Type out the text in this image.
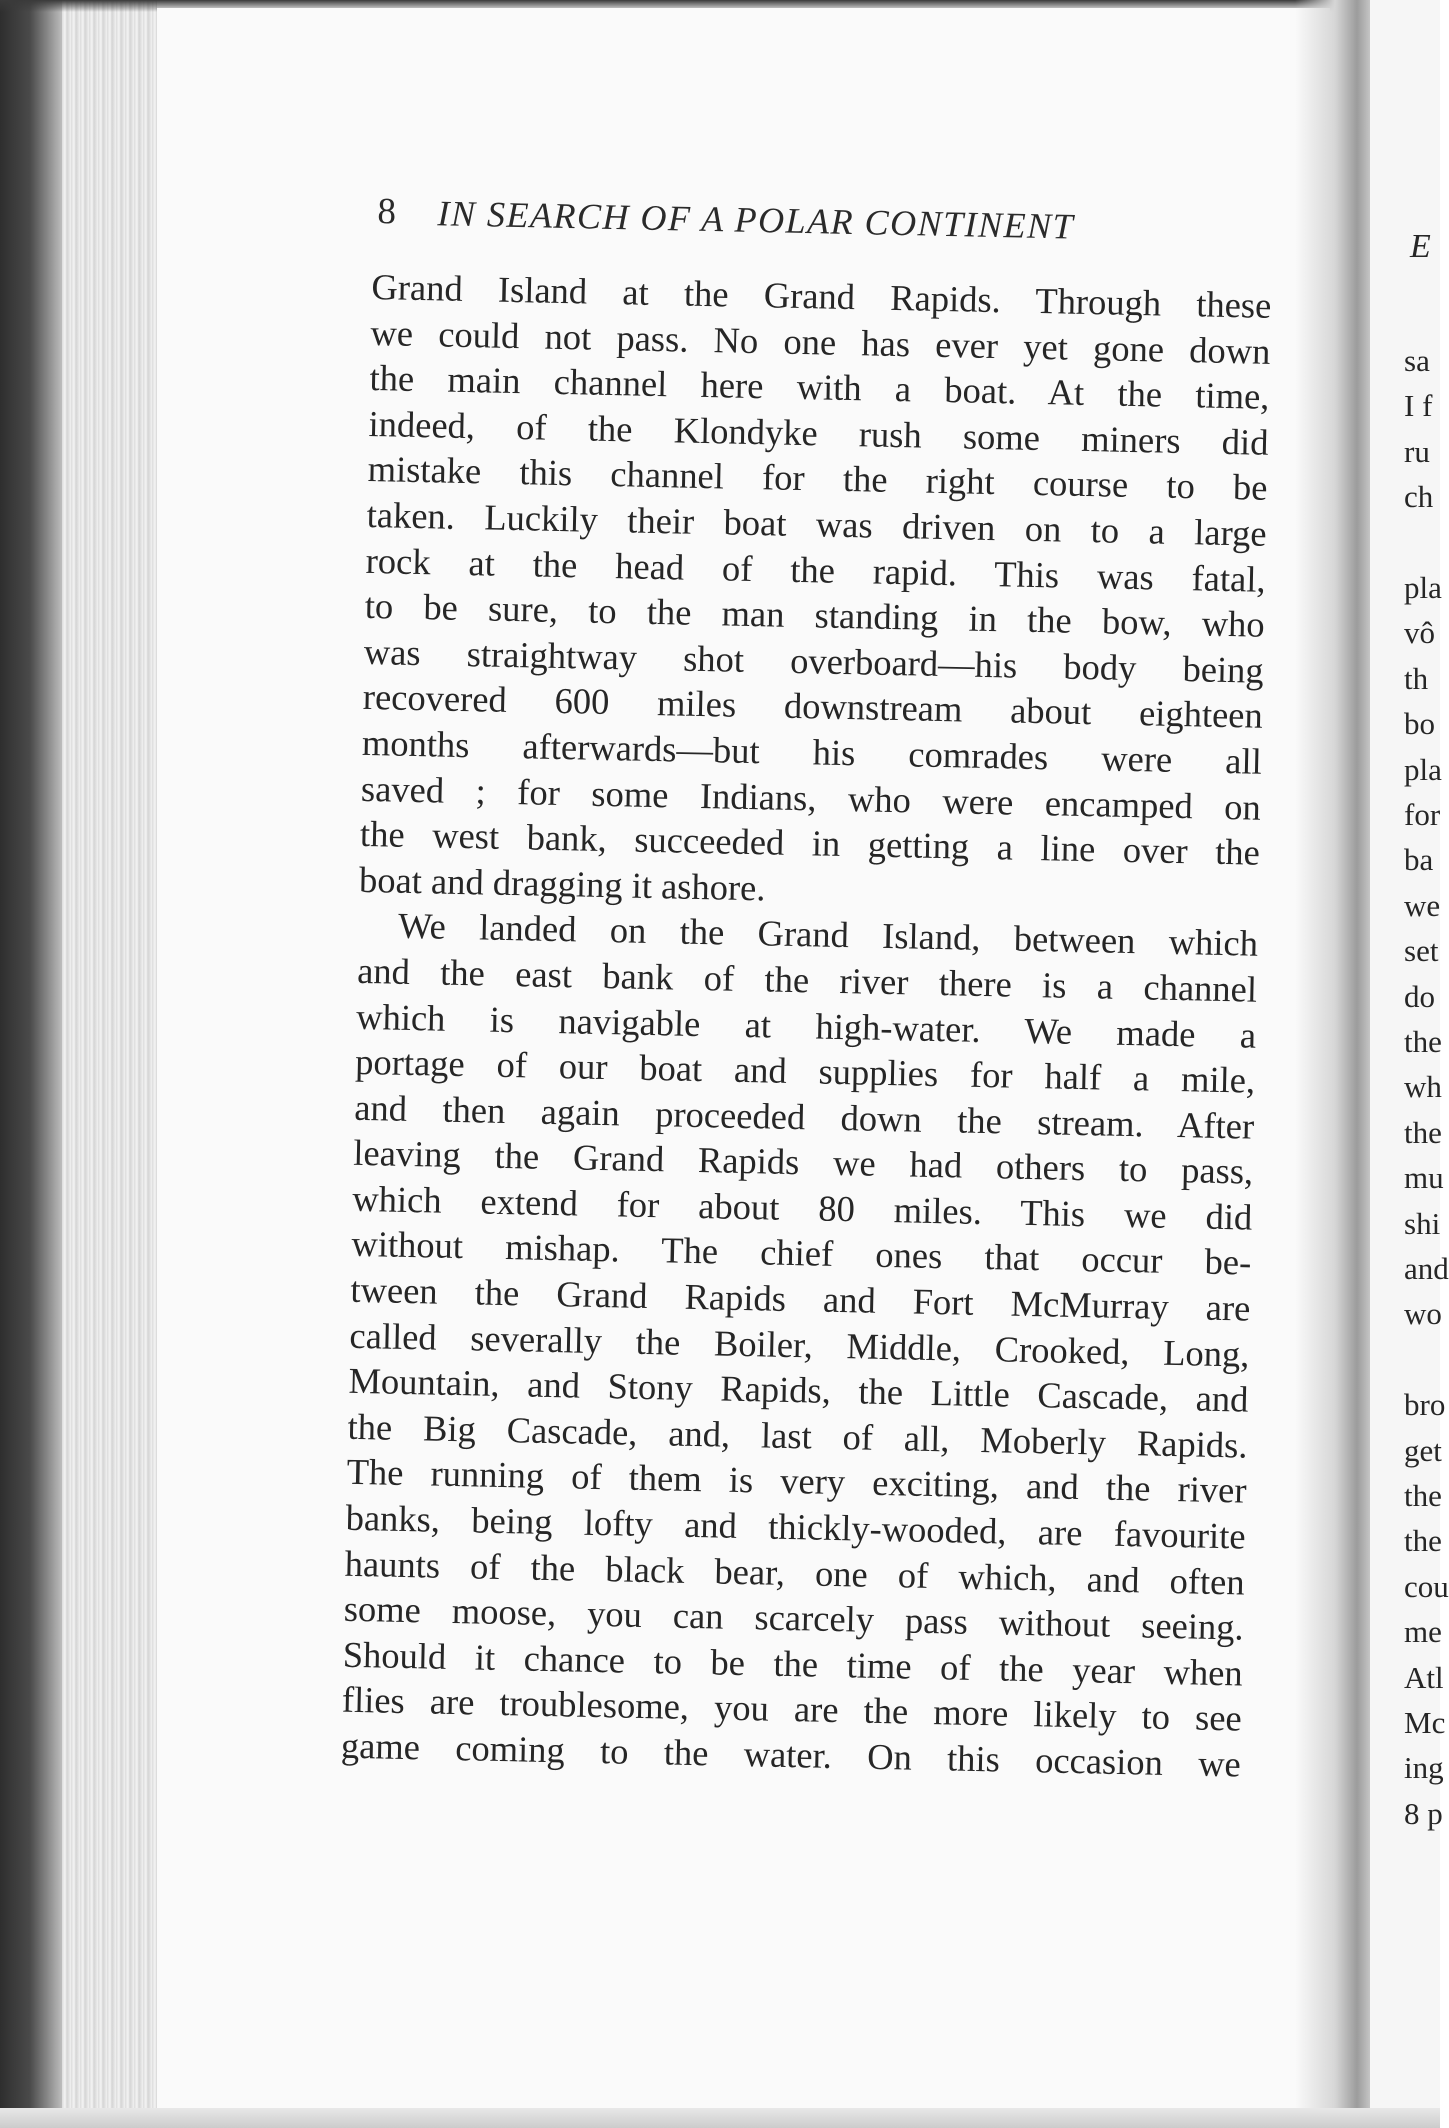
8 IN SEARCH OF A POLAR CONTINENT
Grand Island at the Grand Rapids. Through these
we could not pass. No one has ever yet gone down
the main channel here with a boat. At the time,
indeed, of the Klondyke rush some miners did
mistake this channel for the right course to be
taken. Luckily their boat was driven on to a large
rock at the head of the rapid. This was fatal,
to be sure, to the man standing in the bow, who
was straightway shot overboard—his body being
recovered 600 miles downstream about eighteen
months afterwards—but his comrades were all
saved ; for some Indians, who were encamped on
the west bank, succeeded in getting a line over the
boat and dragging it ashore.
We landed on the Grand Island, between which
and the east bank of the river there is a channel
which is navigable at high-water. We made a
portage of our boat and supplies for half a mile,
and then again proceeded down the stream. After
leaving the Grand Rapids we had others to pass,
which extend for about 80 miles. This we did
without mishap. The chief ones that occur be-
tween the Grand Rapids and Fort McMurray are
called severally the Boiler, Middle, Crooked, Long,
Mountain, and Stony Rapids, the Little Cascade, and
the Big Cascade, and, last of all, Moberly Rapids.
The running of them is very exciting, and the river
banks, being lofty and thickly-wooded, are favourite
haunts of the black bear, one of which, and often
some moose, you can scarcely pass without seeing.
Should it chance to be the time of the year when
flies are troublesome, you are the more likely to see
game coming to the water. On this occasion we
E
sa
I f
ru
ch
pla
vô
th
bo
pla
for
ba
we
set
do
the
wh
the
mu
shi
and
wo
bro
get
the
the
cou
me
Atl
Mc
ing
8 p
